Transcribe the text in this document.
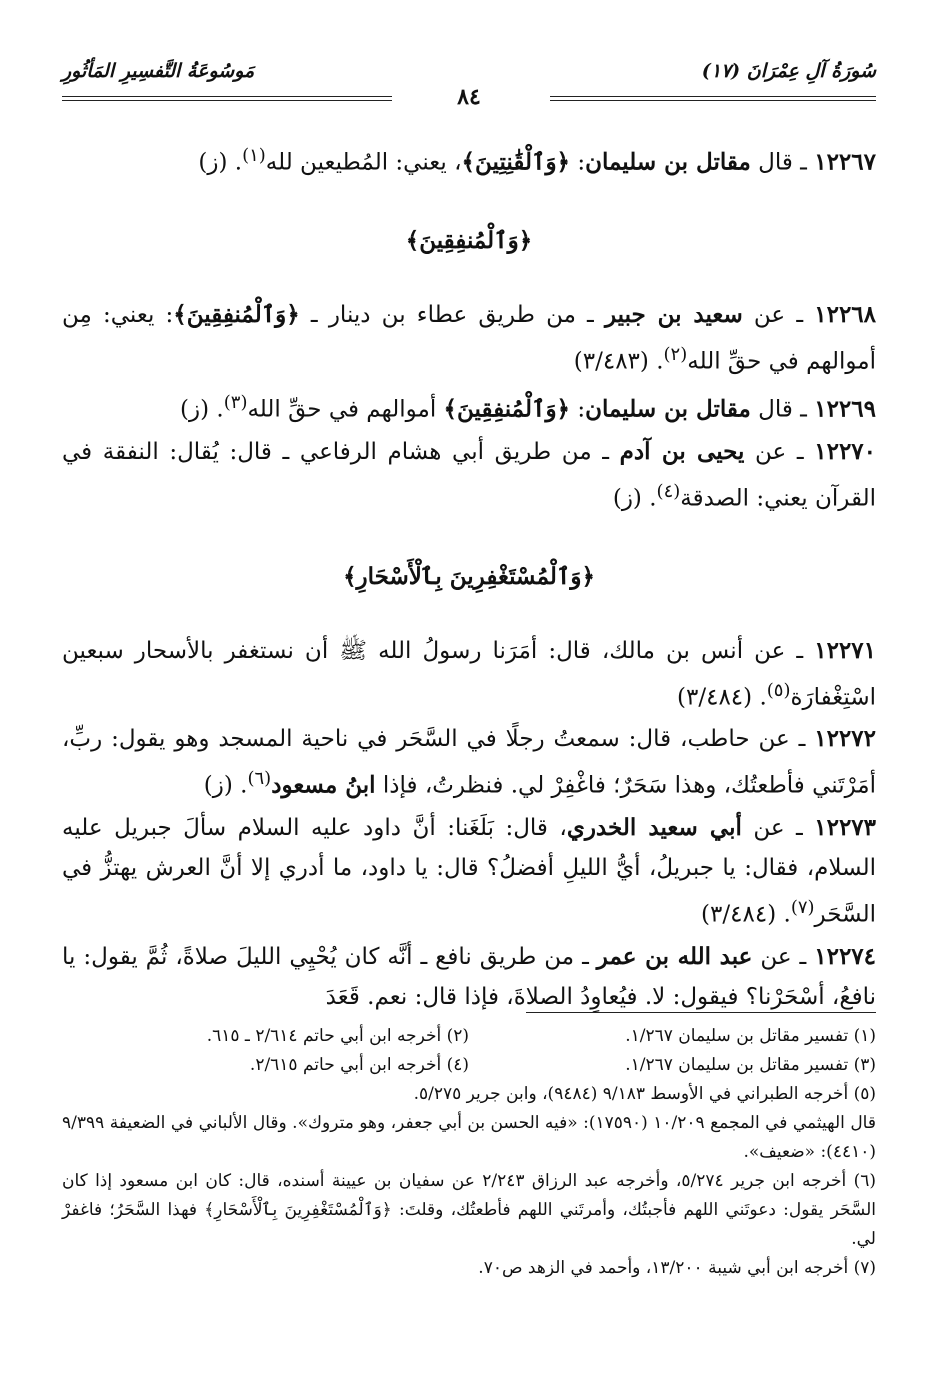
سُورَةُ آلِ عِمْرَانَ (١٧)
مَوسُوعَةُ التَّفسِيرِ المَأثُورِ
٨٤

١٢٢٦٧ ـ قال مقاتل بن سليمان: ﴿وَٱلْقَٰنِتِينَ﴾، يعني: المُطيعين لله$^{(١)}$. (ز)

﴿وَٱلْمُنفِقِينَ﴾

١٢٢٦٨ ـ عن سعيد بن جبير ـ من طريق عطاء بن دينار ـ ﴿وَٱلْمُنفِقِينَ﴾: يعني: مِن أموالهم في حقِّ الله$^{(٢)}$. (٣/٤٨٣)

١٢٢٦٩ ـ قال مقاتل بن سليمان: ﴿وَٱلْمُنفِقِينَ﴾ أموالهم في حقِّ الله$^{(٣)}$. (ز)

١٢٢٧٠ ـ عن يحيى بن آدم ـ من طريق أبي هشام الرفاعي ـ قال: يُقال: النفقة في القرآن يعني: الصدقة$^{(٤)}$. (ز)

﴿وَٱلْمُسْتَغْفِرِينَ بِٱلْأَسْحَارِ﴾

١٢٢٧١ ـ عن أنس بن مالك، قال: أمَرَنا رسولُ الله ﷺ أن نستغفر بالأسحار سبعين اسْتِغْفارَة$^{(٥)}$. (٣/٤٨٤)

١٢٢٧٢ ـ عن حاطب، قال: سمعتُ رجلًا في السَّحَر في ناحية المسجد وهو يقول: ربِّ، أمَرْتَني فأطعتُك، وهذا سَحَرٌ؛ فاغْفِرْ لي. فنظرتُ، فإذا ابنُ مسعود$^{(٦)}$. (ز)

١٢٢٧٣ ـ عن أبي سعيد الخدري، قال: بَلَغَنا: أنَّ داود عليه السلام سألَ جبريل عليه السلام، فقال: يا جبريلُ، أيُّ الليلِ أفضلُ؟ قال: يا داود، ما أدري إلا أنَّ العرش يهتزُّ في السَّحَر$^{(٧)}$. (٣/٤٨٤)

١٢٢٧٤ ـ عن عبد الله بن عمر ـ من طريق نافع ـ أنَّه كان يُحْيِي الليلَ صلاةً، ثُمَّ يقول: يا نافعُ، أسْحَرْنا؟ فيقول: لا. فيُعاوِدُ الصلاةَ، فإذا قال: نعم. قَعَدَ

(١) تفسير مقاتل بن سليمان ١/٢٦٧.
(٢) أخرجه ابن أبي حاتم ٢/٦١٤ ـ ٦١٥.
(٣) تفسير مقاتل بن سليمان ١/٢٦٧.
(٤) أخرجه ابن أبي حاتم ٢/٦١٥.

(٥) أخرجه الطبراني في الأوسط ٩/١٨٣ (٩٤٨٤)، وابن جرير ٥/٢٧٥.

قال الهيثمي في المجمع ١٠/٢٠٩ (١٧٥٩٠): «فيه الحسن بن أبي جعفر، وهو متروك». وقال الألباني في الضعيفة ٩/٣٩٩ (٤٤١٠): «ضعيف».

(٦) أخرجه ابن جرير ٥/٢٧٤، وأخرجه عبد الرزاق ٢/٢٤٣ عن سفيان بن عيينة أسنده، قال: كان ابن مسعود إذا كان السَّحَر يقول: دعوتَني اللهم فأجبتُك، وأمرتَني اللهم فأطعتُك، وقلتَ: ﴿وَٱلْمُسْتَغْفِرِينَ بِٱلْأَسْحَارِ﴾ فهذا السَّحَرُ؛ فاغفرْ لي.

(٧) أخرجه ابن أبي شيبة ١٣/٢٠٠، وأحمد في الزهد ص٧٠.
